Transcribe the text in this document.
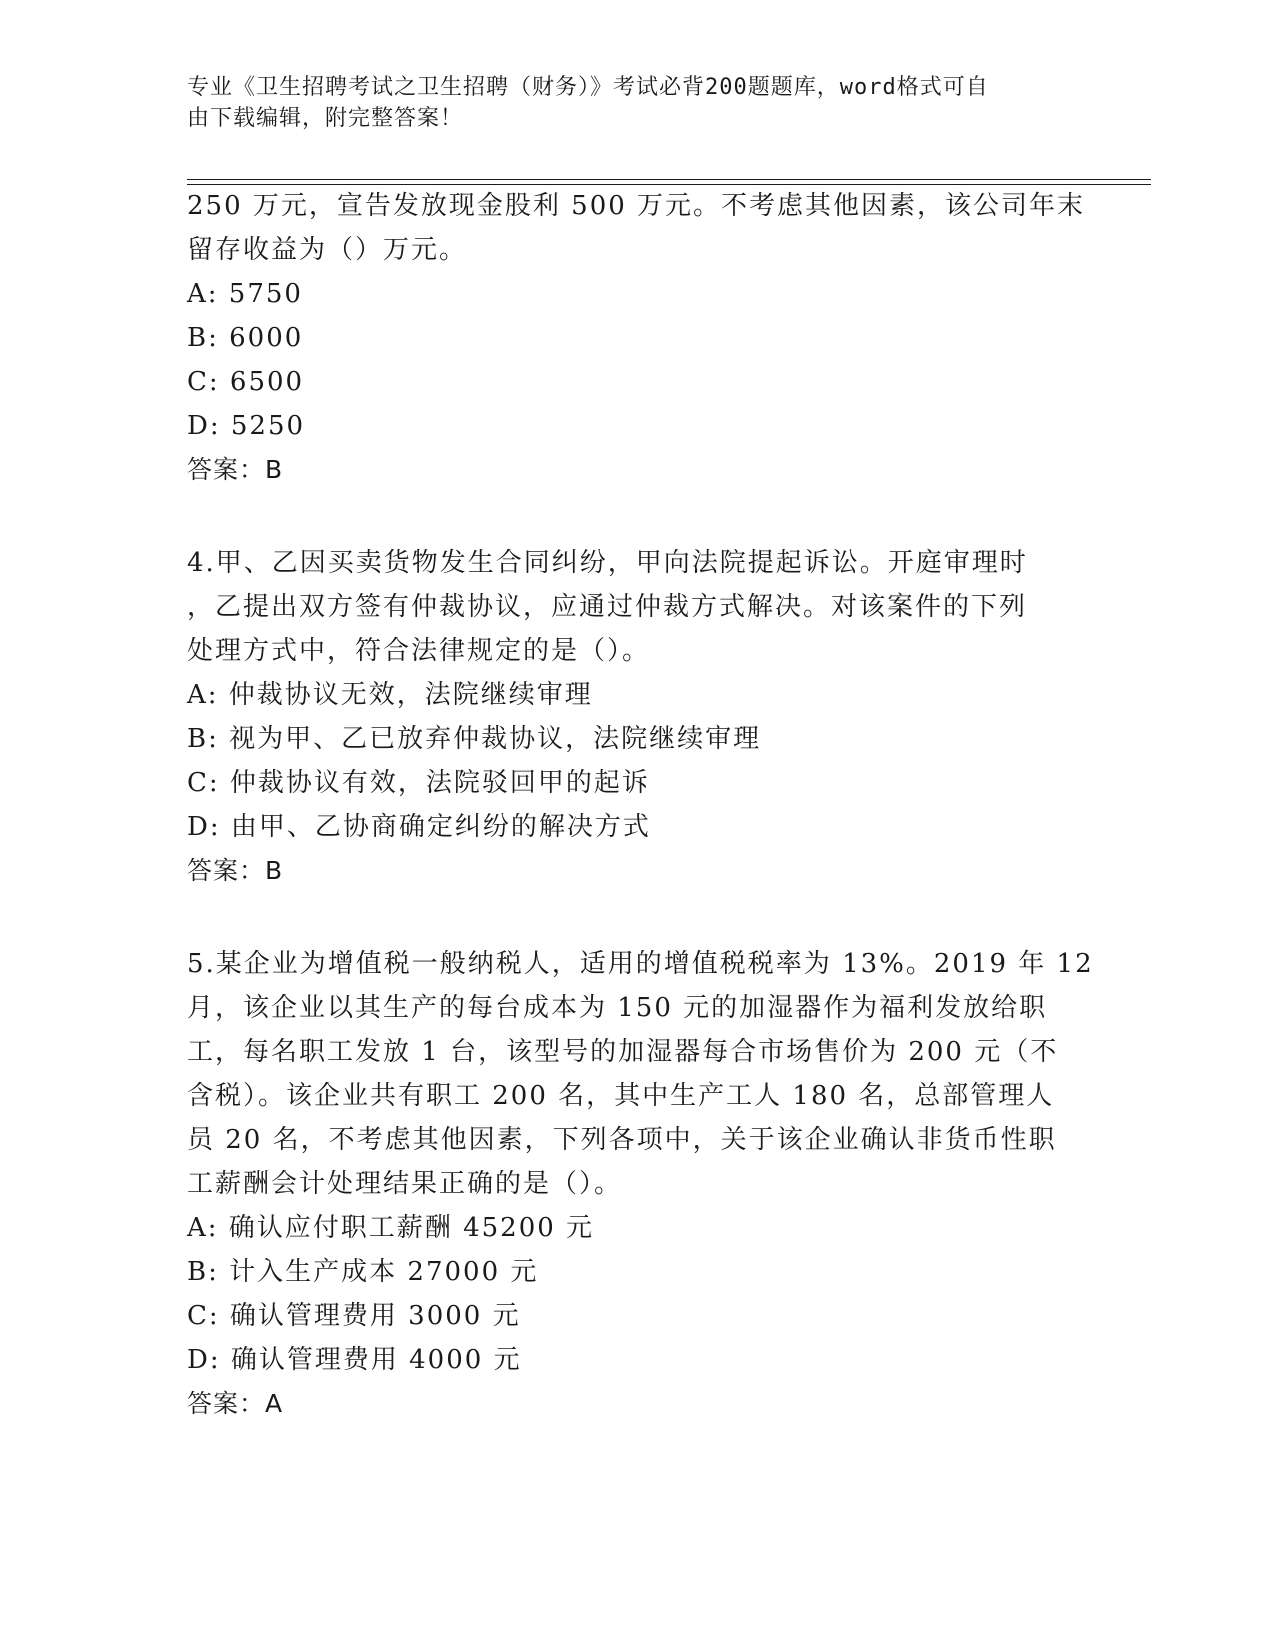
专业《卫生招聘考试之卫生招聘（财务）》考试必背200题题库，word格式可自
由下载编辑，附完整答案！
250 万元，宣告发放现金股利 500 万元。不考虑其他因素，该公司年末
留存收益为（）万元。
A: 5750
B: 6000
C: 6500
D: 5250
答案：B
4.甲、乙因买卖货物发生合同纠纷，甲向法院提起诉讼。开庭审理时
，乙提出双方签有仲裁协议，应通过仲裁方式解决。对该案件的下列
处理方式中，符合法律规定的是（）。
A: 仲裁协议无效，法院继续审理
B: 视为甲、乙已放弃仲裁协议，法院继续审理
C: 仲裁协议有效，法院驳回甲的起诉
D: 由甲、乙协商确定纠纷的解决方式
答案：B
5.某企业为增值税一般纳税人，适用的增值税税率为 13%。2019 年 12
月，该企业以其生产的每台成本为 150 元的加湿器作为福利发放给职
工，每名职工发放 1 台，该型号的加湿器每合市场售价为 200 元（不
含税）。该企业共有职工 200 名，其中生产工人 180 名，总部管理人
员 20 名，不考虑其他因素，下列各项中，关于该企业确认非货币性职
工薪酬会计处理结果正确的是（）。
A: 确认应付职工薪酬 45200 元
B: 计入生产成本 27000 元
C: 确认管理费用 3000 元
D: 确认管理费用 4000 元
答案：A
